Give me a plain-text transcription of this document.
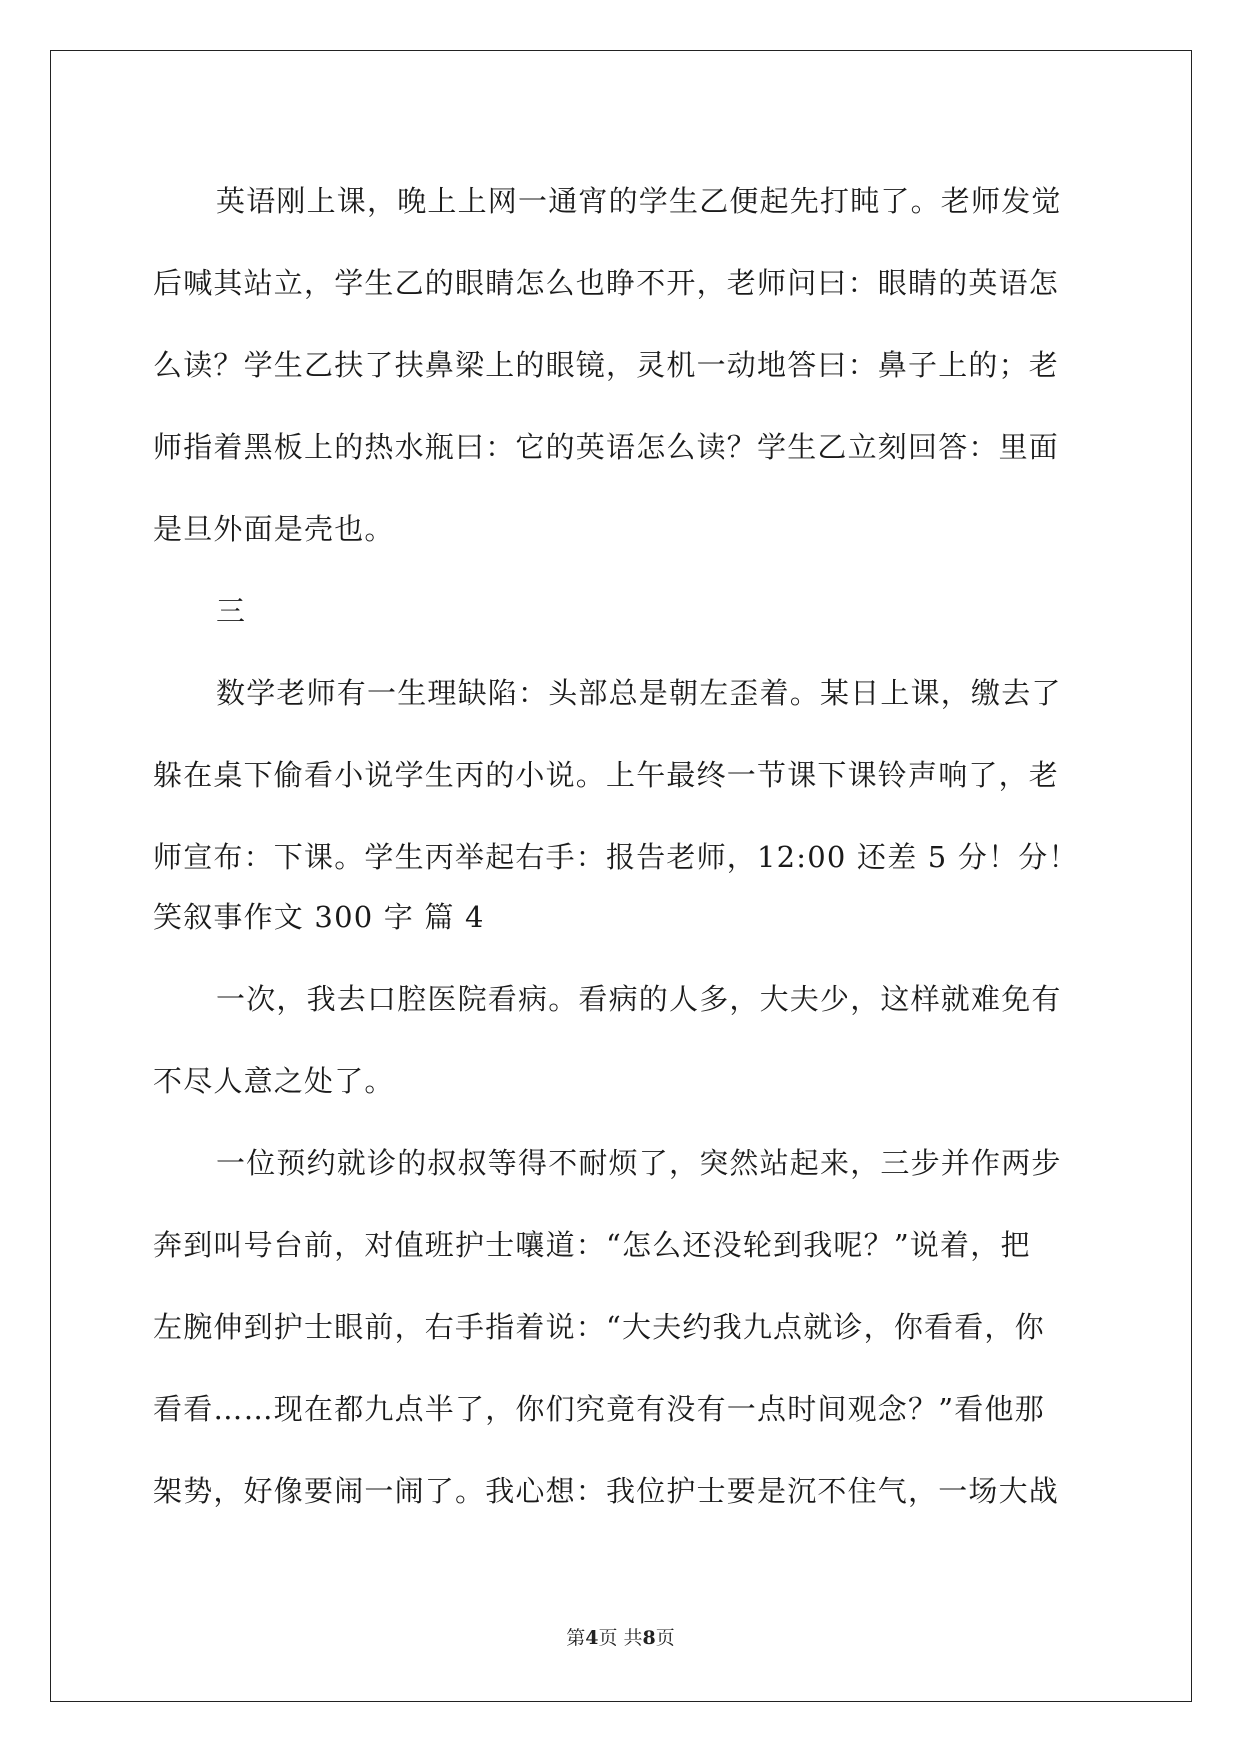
英语刚上课，晚上上网一通宵的学生乙便起先打盹了。老师发觉
后喊其站立，学生乙的眼睛怎么也睁不开，老师问曰：眼睛的英语怎
么读？学生乙扶了扶鼻梁上的眼镜，灵机一动地答曰：鼻子上的；老
师指着黑板上的热水瓶曰：它的英语怎么读？学生乙立刻回答：里面
是旦外面是壳也。
三
数学老师有一生理缺陷：头部总是朝左歪着。某日上课，缴去了
躲在桌下偷看小说学生丙的小说。上午最终一节课下课铃声响了，老
师宣布：下课。学生丙举起右手：报告老师，12:00 还差 5 分！分！
笑叙事作文 300 字 篇 4
一次，我去口腔医院看病。看病的人多，大夫少，这样就难免有
不尽人意之处了。
一位预约就诊的叔叔等得不耐烦了，突然站起来，三步并作两步
奔到叫号台前，对值班护士嚷道：“怎么还没轮到我呢？”说着，把
左腕伸到护士眼前，右手指着说：“大夫约我九点就诊，你看看，你
看看……现在都九点半了，你们究竟有没有一点时间观念？”看他那
架势，好像要闹一闹了。我心想：我位护士要是沉不住气，一场大战
第4页 共8页
